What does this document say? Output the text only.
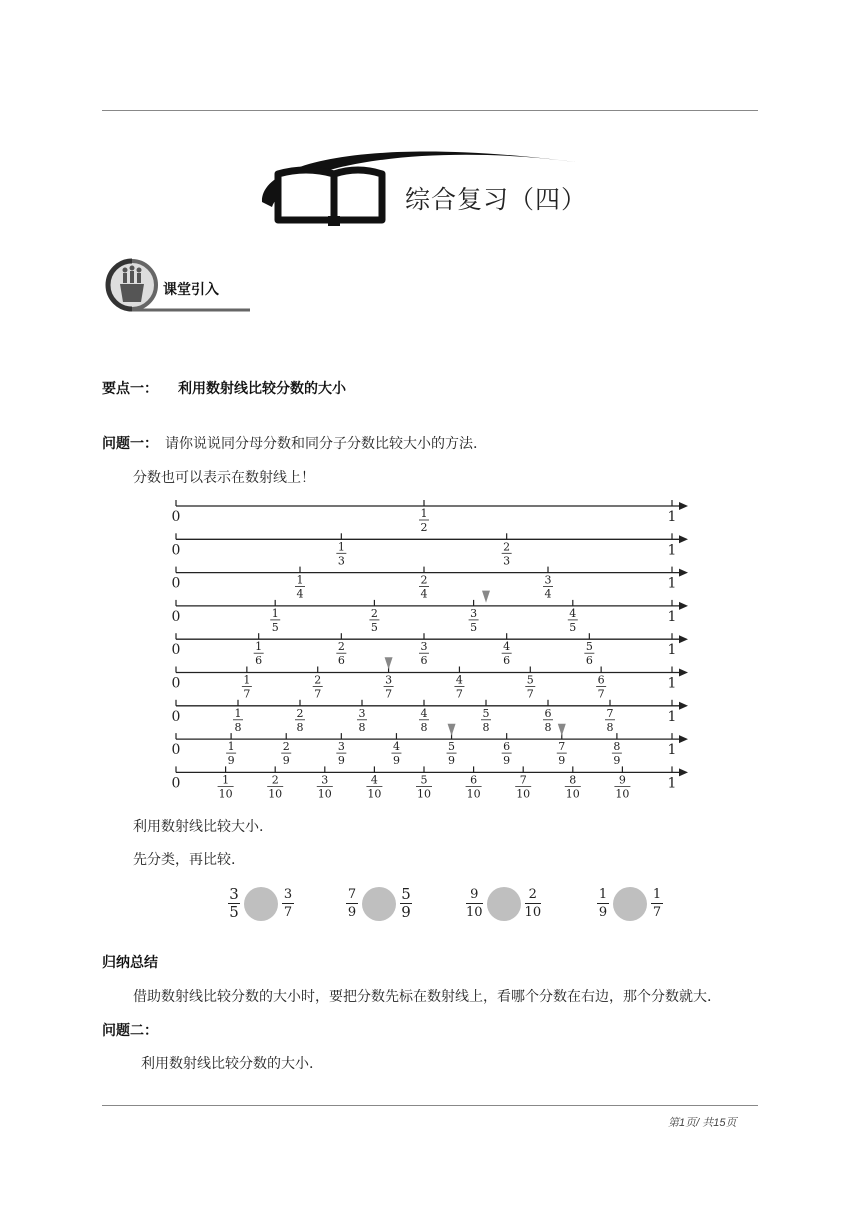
综合复习（四）
课堂引入
要点一： 利用数射线比较分数的大小
问题一： 请你说说同分母分数和同分子分数比较大小的方法.
分数也可以表示在数射线上！
0	1
1
2
0	1
1
3
2
3
0	1
1
4
2
4
3
4
0	1
1
5
2
5
3
5
4
5
0	1
1
6
2
6
3
6
4
6
5
6
0	1
1
7
2
7
3
7
4
7
5
7
6
7
0	1
1
8
2
8
3
8
4
8
5
8
6
8
7
8
0	1
1
9
2
9
3
9
4
9
5
9
6
9
7
9
8
9
0	1
1
10
2
10
3
10
4
10
5
10
6
10
7
10
8
10
9
10
利用数射线比较大小.
先分类，再比较.
$\frac{3}{5}$	$\frac{3}{7}$	$\frac{7}{9}$	$\frac{5}{9}$	$\frac{9}{10}$	$\frac{2}{10}$	$\frac{1}{9}$	$\frac{1}{7}$
归纳总结
借助数射线比较分数的大小时，要把分数先标在数射线上，看哪个分数在右边，那个分数就大.
问题二：
利用数射线比较分数的大小.
第1页/ 共15页
